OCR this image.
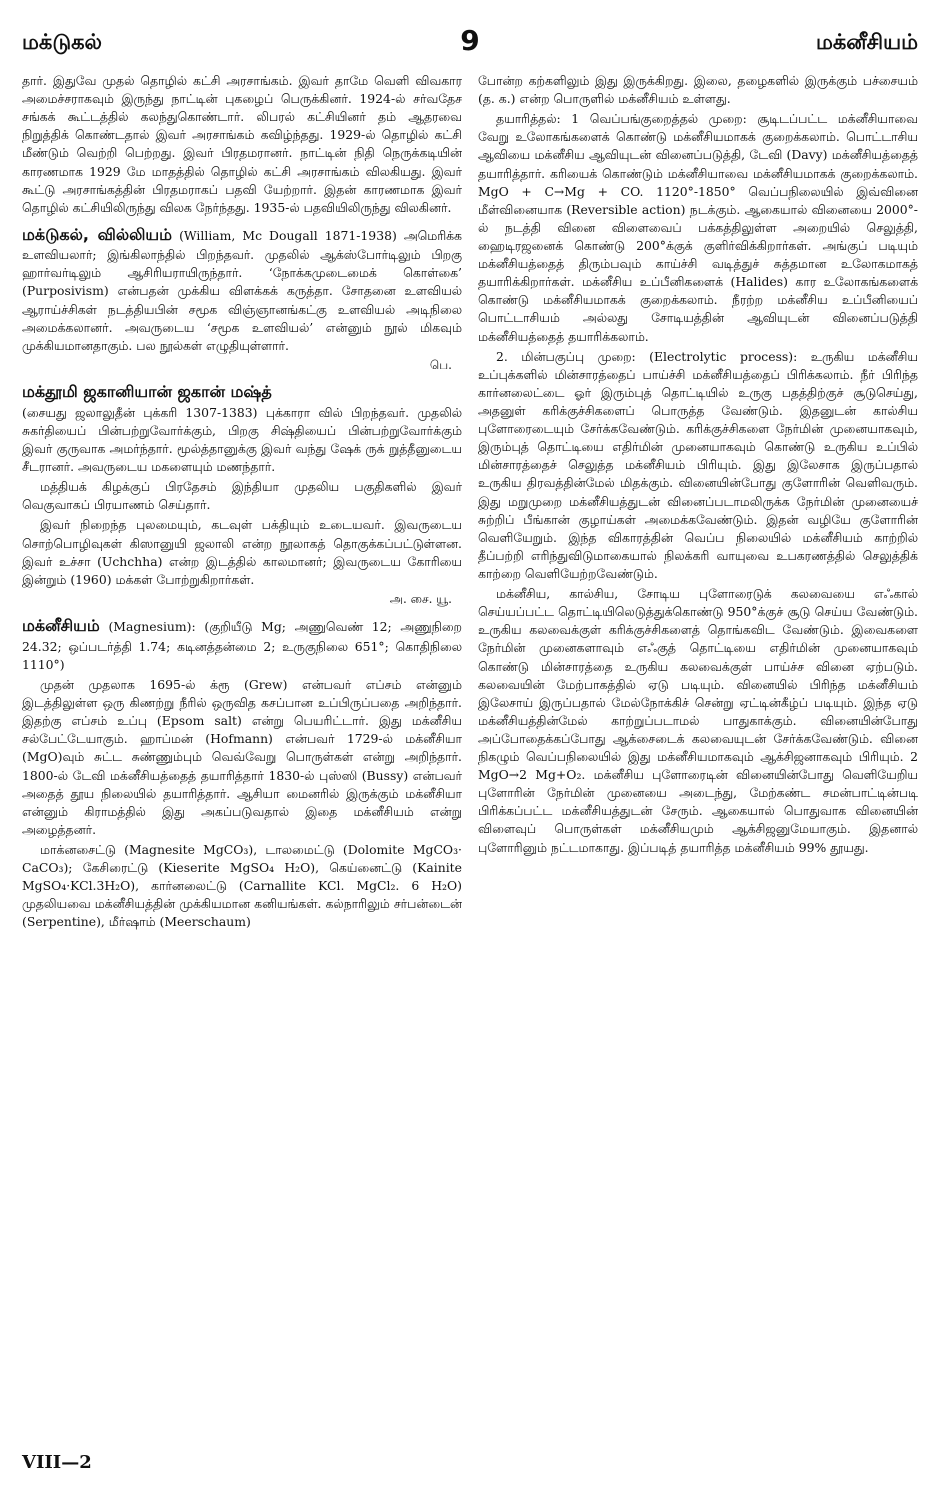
மக்டுகல்	9	மக்னீசியம்

தார். இதுவே முதல் தொழில் கட்சி அரசாங்கம். இவர் தாமே வெளி விவகார அமைச்சராகவும் இருந்து நாட்டின் புகழைப் பெருக்கினர். 1924-ல் சர்வதேச சங்கக் கூட்டத்தில் கலந்துகொண்டார். லிபரல் கட்சியினர் தம் ஆதரவை நிறுத்திக் கொண்டதால் இவர் அரசாங்கம் கவிழ்ந்தது. 1929-ல் தொழில் கட்சி மீண்டும் வெற்றி பெற்றது. இவர் பிரதமரானர். நாட்டின் நிதி நெருக்கடியின் காரணமாக 1929 மே மாதத்தில் தொழில் கட்சி அரசாங்கம் விலகியது. இவர் கூட்டு அரசாங்கத்தின் பிரதமராகப் பதவி யேற்றார். இதன் காரணமாக இவர் தொழில் கட்சியிலிருந்து விலக நேர்ந்தது. 1935-ல் பதவியிலிருந்து விலகினர்.

மக்டுகல், வில்லியம் (William, Mc Dougall 1871-1938) அமெரிக்க உளவியலார்; இங்கிலாந்தில் பிறந்தவர். முதலில் ஆக்ஸ்போர்டிலும் பிறகு ஹார்வர்டிலும் ஆசிரியராயிருந்தார். ‘நோக்கமுடைமைக் கொள்கை’ (Purposivism) என்பதன் முக்கிய விளக்கக் கருத்தா. சோதனை உளவியல் ஆராய்ச்சிகள் நடத்தியபின் சமூக விஞ்ஞானங்கட்கு உளவியல் அடிநிலை அமைக்கலானர். அவருடைய ‘சமூக உளவியல்’ என்னும் நூல் மிகவும் முக்கியமானதாகும். பல நூல்கள் எழுதியுள்ளார்.
பெ.
மக்தூமி ஜகானியான் ஜகான் மஷ்த்
(சையது ஜலாலுதீன் புக்கரி 1307-1383) புக்காரா வில் பிறந்தவர். முதலில் சுகர்தியைப் பின்பற்றுவோர்க்கும், பிறகு சிஷ்தியைப் பின்பற்றுவோர்க்கும் இவர் குருவாக அமர்ந்தார். மூல்த்தானுக்கு இவர் வந்து ஷேக் ருக் றுத்தீனுடைய சீடரானர். அவருடைய மகளையும் மணந்தார்.

மத்தியக் கிழக்குப் பிரதேசம் இந்தியா முதலிய பகுதிகளில் இவர் வெகுவாகப் பிரயாணம் செய்தார்.

இவர் நிறைந்த புலமையும், கடவுள் பக்தியும் உடையவர். இவருடைய சொற்பொழிவுகள் கிஸானுயி ஜலாலி என்ற நூலாகத் தொகுக்கப்பட்டுள்ளன. இவர் உச்சா (Uchchha) என்ற இடத்தில் காலமானர்; இவருடைய கோரியை இன்றும் (1960) மக்கள் போற்றுகிறார்கள்.

அ. சை. யூ.
மக்னீசியம் (Magnesium): (குறியீடு Mg; அணுவெண் 12; அணுநிறை 24.32; ஒப்படர்த்தி 1.74; கடினத்தன்மை 2; உருகுநிலை 651°; கொதிநிலை 1110°)

முதன் முதலாக 1695-ல் க்ரூ (Grew) என்பவர் எப்சம் என்னும் இடத்திலுள்ள ஒரு கிணற்று நீரில் ஒருவித கசப்பான உப்பிருப்பதை அறிந்தார். இதற்கு எப்சம் உப்பு (Epsom salt) என்று பெயரிட்டார். இது மக்னீசிய சல்பேட்டேயாகும். ஹாப்மன் (Hofmann) என்பவர் 1729-ல் மக்னீசியா (MgO)வும் சுட்ட சுண்ணும்பும் வெவ்வேறு பொருள்கள் என்று அறிந்தார். 1800-ல் டேவி மக்னீசியத்தைத் தயாரித்தார் 1830-ல் புஸ்ஸி (Bussy) என்பவர் அதைத் தூய நிலையில் தயாரித்தார். ஆசியா மைனரில் இருக்கும் மக்னீசியா என்னும் கிராமத்தில் இது அகப்படுவதால் இதை மக்னீசியம் என்று அழைத்தனர்.

மாக்னசைட்டு (Magnesite MgCO₃), டாலமைட்டு (Dolomite MgCO₃· CaCO₃); கேசிரைட்டு (Kieserite MgSO₄ H₂O), கெய்னைட்டு (Kainite MgSO₄·KCl.3H₂O), கார்னலைட்டு (Carnallite KCl. MgCl₂. 6 H₂O) முதலியவை மக்னீசியத்தின் முக்கியமான கனியங்கள். கல்நாரிலும் சர்பன்டைன் (Serpentine), மீர்ஷாம் (Meerschaum)

போன்ற கற்களிலும் இது இருக்கிறது. இலை, தழைகளில் இருக்கும் பச்சையம் (த. க.) என்ற பொருளில் மக்னீசியம் உள்ளது.

தயாரித்தல்: 1 வெப்பங்குறைத்தல் முறை: சூடிடப்பட்ட மக்னீசியாவை வேறு உலோகங்களைக் கொண்டு மக்னீசியமாகக் குறைக்கலாம். பொட்டாசிய ஆவியை மக்னீசிய ஆவியுடன் வினைப்படுத்தி, டேவி (Davy) மக்னீசியத்தைத் தயாரித்தார். கரியைக் கொண்டும் மக்னீசியாவை மக்னீசியமாகக் குறைக்கலாம். MgO + C→Mg + CO. 1120°-1850° வெப்பநிலையில் இவ்வினை மீள்வினையாக (Reversible action) நடக்கும். ஆகையால் வினையை 2000°-ல் நடத்தி வினை விளைவைப் பக்கத்திலுள்ள அறையில் செலுத்தி, ஹைடிரஜனைக் கொண்டு 200°க்குக் குளிர்விக்கிறார்கள். அங்குப் படியும் மக்னீசியத்தைத் திரும்பவும் காய்ச்சி வடித்துச் சுத்தமான உலோகமாகத் தயாரிக்கிறார்கள். மக்னீசிய உப்பீனிகளைக் (Halides) கார உலோகங்களைக் கொண்டு மக்னீசியமாகக் குறைக்கலாம். நீரற்ற மக்னீசிய உப்பீனியைப் பொட்டாசியம் அல்லது சோடியத்தின் ஆவியுடன் வினைப்படுத்தி மக்னீசியத்தைத் தயாரிக்கலாம்.

2. மின்பகுப்பு முறை: (Electrolytic process): உருகிய மக்னீசிய உப்புக்களில் மின்சாரத்தைப் பாய்ச்சி மக்னீசியத்தைப் பிரிக்கலாம். நீர் பிரிந்த கார்னலைட்டை ஓர் இரும்புத் தொட்டியில் உருகு பதத்திற்குச் சூடுசெய்து, அதனுள் கரிக்குச்சிகளைப் பொருத்த வேண்டும். இதனுடன் கால்சிய புளோரைடையும் சேர்க்கவேண்டும். கரிக்குச்சிகளை நேர்மின் முனையாகவும், இரும்புத் தொட்டியை எதிர்மின் முனையாகவும் கொண்டு உருகிய உப்பில் மின்சாரத்தைச் செலுத்த மக்னீசியம் பிரியும். இது இலேசாக இருப்பதால் உருகிய திரவத்தின்மேல் மிதக்கும். வினையின்போது குளோரின் வெளிவரும். இது மறுமுறை மக்னீசியத்துடன் வினைப்படாமலிருக்க நேர்மின் முனையைச் சுற்றிப் பீங்கான் குழாய்கள் அமைக்கவேண்டும். இதன் வழியே குளோரின் வெளியேறும். இந்த விகாரத்தின் வெப்ப நிலையில் மக்னீசியம் காற்றில் தீப்பற்றி எரிந்துவிடுமாகையால் நிலக்கரி வாயுவை உபகரணத்தில் செலுத்திக் காற்றை வெளியேற்றவேண்டும்.

மக்னீசிய, கால்சிய, சோடிய புளோரைடுக் கலவையை எஃகால் செய்யப்பட்ட தொட்டியிலெடுத்துக்கொண்டு 950°க்குச் சூடு செய்ய வேண்டும். உருகிய கலவைக்குள் கரிக்குச்சிகளைத் தொங்கவிட வேண்டும். இவைகளை நேர்மின் முனைகளாவும் எஃகுத் தொட்டியை எதிர்மின் முனையாகவும் கொண்டு மின்சாரத்தை உருகிய கலவைக்குள் பாய்ச்ச வினை ஏற்படும். கலவையின் மேற்பாகத்தில் ஏடு படியும். வினையில் பிரிந்த மக்னீசியம் இலேசாய் இருப்பதால் மேல்நோக்கிச் சென்று ஏட்டின்கீழ்ப் படியும். இந்த ஏடு மக்னீசியத்தின்மேல் காற்றுப்படாமல் பாதுகாக்கும். வினையின்போது அப்போதைக்கப்போது ஆக்சைடைக் கலவையுடன் சேர்க்கவேண்டும். வினை நிகழும் வெப்பநிலையில் இது மக்னீசியமாகவும் ஆக்சிஜனாகவும் பிரியும். 2 MgO→2 Mg+O₂. மக்னீசிய புளோரைடின் வினையின்போது வெளியேறிய புளோரின் நேர்மின் முனையை அடைந்து, மேற்கண்ட சமன்பாட்டின்படி பிரிக்கப்பட்ட மக்னீசியத்துடன் சேரும். ஆகையால் பொதுவாக வினையின் விளைவுப் பொருள்கள் மக்னீசியமும் ஆக்சிஜனுமேயாகும். இதனால் புளோரினும் நட்டமாகாது. இப்படித் தயாரித்த மக்னீசியம் 99% தூயது.

VIII—2
